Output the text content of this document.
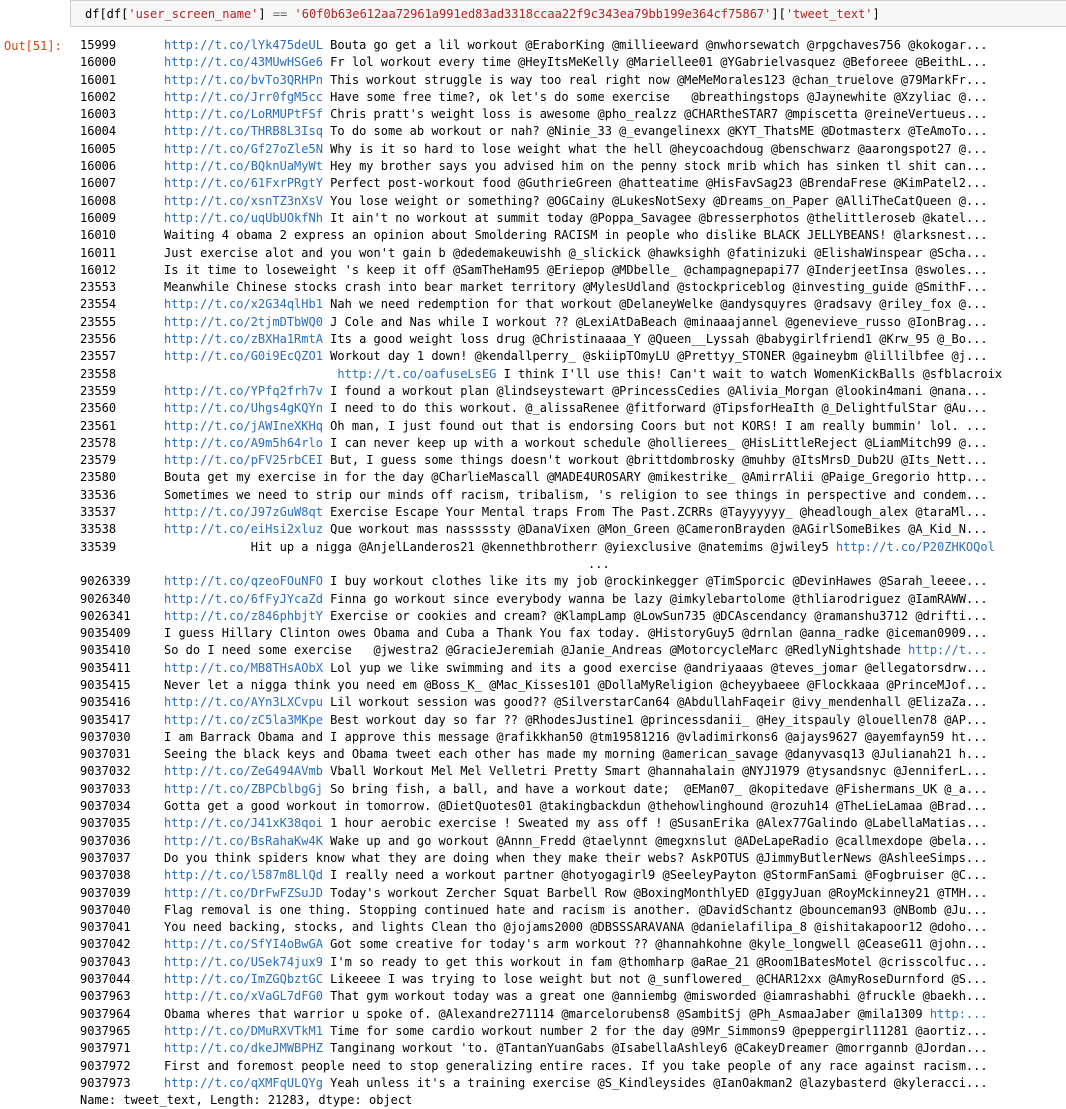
df[df['user_screen_name'] == '60f0b63e612aa72961a991ed83ad3318ccaa22f9c343ea79bb199e364cf75867']['tweet_text']
Out[51]: 15999	http://t.co/lYk475deUL Bouta go get a lil workout @EraborKing @millieeward @nwhorsewatch @rpgchaves756 @kokogar...
16000	http://t.co/43MUwHSGe6 Fr lol workout every time @HeyItsMeKelly @Mariellee01 @YGabrielvasquez @Beforeee @BeithL...
16001	http://t.co/bvTo3QRHPn This workout struggle is way too real right now @MeMeMorales123 @chan_truelove @79MarkFr...
16002	http://t.co/Jrr0fgM5cc Have some free time?, ok let's do some exercise   @breathingstops @Jaynewhite @Xzyliac @...
16003	http://t.co/LoRMUPtFSf Chris pratt's weight loss is awesome @pho_realzz @CHARtheSTAR7 @mpiscetta @reineVertueus...
16004	http://t.co/THRB8L3Isq To do some ab workout or nah? @Ninie_33 @_evangelinexx @KYT_ThatsME @Dotmasterx @TeAmoTo...
16005	http://t.co/Gf27oZle5N Why is it so hard to lose weight what the hell @heycoachdoug @benschwarz @aarongspot27 @...
16006	http://t.co/BQknUaMyWt Hey my brother says you advised him on the penny stock mrib which has sinken tl shit can...
16007	http://t.co/61FxrPRgtY Perfect post-workout food @GuthrieGreen @hatteatime @HisFavSag23 @BrendaFrese @KimPatel2...
16008	http://t.co/xsnTZ3nXsV You lose weight or something? @OGCainy @LukesNotSexy @Dreams_on_Paper @AlliTheCatQueen @...
16009	http://t.co/uqUbUOkfNh It ain't no workout at summit today @Poppa_Savagee @bresserphotos @thelittleroseb @katel...
16010	Waiting 4 obama 2 express an opinion about Smoldering RACISM in people who dislike BLACK JELLYBEANS! @larksnest...
16011	Just exercise alot and you won't gain b @dedemakeuwishh @_slickick @hawksighh @fatinizuki @ElishaWinspear @Scha...
16012	Is it time to loseweight 's keep it off @SamTheHam95 @Eriepop @MDbelle_ @champagnepapi77 @InderjeetInsa @swoles...
23553	Meanwhile Chinese stocks crash into bear market territory @MylesUdland @stockpriceblog @investing_guide @SmithF...
23554	http://t.co/x2G34qlHb1 Nah we need redemption for that workout @DelaneyWelke @andysquyres @radsavy @riley_fox @...
23555	http://t.co/2tjmDTbWQ0 J Cole and Nas while I workout ?? @LexiAtDaBeach @minaaajannel @geneviеve_russo @IonBrag...
23556	http://t.co/zBXHa1RmtA Its a good weight loss drug @Christinaaaa_Y @Queen__Lyssah @babygirlfriend1 @Krw_95 @_Bo...
23557	http://t.co/G0i9EcQZO1 Workout day 1 down! @kendallperry_ @skiipTOmyLU @Prettyy_STONER @gaineybm @lillilbfee @j...
23558	http://t.co/oafuseLsEG I think I'll use this! Can't wait to watch WomenKickBalls @sfblacroix
23559	http://t.co/YPfq2frh7v I found a workout plan @lindseystewart @PrincessCedies @Alivia_Morgan @lookin4mani @nana...
23560	http://t.co/Uhgs4gKQYn I need to do this workout. @_alissaRenee @fitforward @TipsforHeaIth @_DelightfulStar @Au...
23561	http://t.co/jAWIneXKHq Oh man, I just found out that is endorsing Coors but not KORS! I am really bummin' lol. ...
23578	http://t.co/A9m5h64rlo I can never keep up with a workout schedule @hollierees_ @HisLittleReject @LiamMitch99 @...
23579	http://t.co/pFV25rbCEI But, I guess some things doesn't workout @brittdombrosky @muhby @ItsMrsD_Dub2U @Its_Nett...
23580	Bouta get my exercise in for the day @CharlieMascall @MADE4UROSARY @mikestrike_ @AmirrAlii @Paige_Gregorio http...
33536	Sometimes we need to strip our minds off racism, tribalism, 's religion to see things in perspective and condem...
33537	http://t.co/J97zGuW8qt Exercise Escape Your Mental traps From The Past.ZCRRs @Tayyyyyy_ @headlough_alex @taraMl...
33538	http://t.co/eiHsi2xluz Que workout mas nasssssty @DanaVixen @Mon_Green @CameronBrayden @AGirlSomeBikes @A_Kid_N...
33539	Hit up a nigga @AnjelLanderos21 @kennethbrotherr @yiexclusive @natemims @jwiley5 http://t.co/P20ZHKOQol
...
9026339	http://t.co/qzeoFOuNFO I buy workout clothes like its my job @rockinkegger @TimSporcic @DevinHawes @Sarah_leeee...
9026340	http://t.co/6fFyJYcaZd Finna go workout since everybody wanna be lazy @imkylebartolome @thliarodriguez @IamRAWW...
9026341	http://t.co/z846phbjtY Exercise or cookies and cream? @KlampLamp @LowSun735 @DCAscendancy @ramanshu3712 @drifti...
9035409	I guess Hillary Clinton owes Obama and Cuba a Thank You fax today. @HistoryGuy5 @drnlan @anna_radke @iceman0909...
9035410	So do I need some exercise   @jwestra2 @GracieJeremiah @Janie_Andreas @MotorcycleMarc @RedlyNightshade http://t...
9035411	http://t.co/MB8THsAObX Lol yup we like swimming and its a good exercise @andriyaaas @teves_jomar @ellegatorsdrw...
9035415	Never let a nigga think you need em @Boss_K_ @Mac_Kisses101 @DollaMyReligion @cheyybaeee @Flockkaaa @PrinceMJof...
9035416	http://t.co/AYn3LXCvpu Lil workout session was good?? @SilverstarCan64 @AbdullahFaqeir @ivy_mendenhall @ElizaZa...
9035417	http://t.co/zC5la3MKpe Best workout day so far ?? @RhodesJustine1 @princessdanii_ @Hey_itspauly @louellen78 @AP...
9037030	I am Barrack Obama and I approve this message @rafikkhan50 @tm19581216 @vladimirkons6 @ajays9627 @ayemfayn59 ht...
9037031	Seeing the black keys and Obama tweet each other has made my morning @american_savage @danyvasq13 @Julianah21 h...
9037032	http://t.co/ZeG494AVmb Vball Workout Mel Mel Velletri Pretty Smart @hannahalain @NYJ1979 @tysandsnyc @JenniferL...
9037033	http://t.co/ZBPCblbgGj So bring fish, a ball, and have a workout date;  @EMan07_ @kopitedave @Fishermans_UK @_a...
9037034	Gotta get a good workout in tomorrow. @DietQuotes01 @takingbackdun @thehowlinghound @rozuh14 @TheLieLamaa @Brad...
9037035	http://t.co/J41xK38qoi 1 hour aerobic exercise ! Sweated my ass off ! @SusanErika @Alex77Galindo @LabellaMatias...
9037036	http://t.co/BsRahaKw4K Wake up and go workout @Annn_Fredd @taelynnt @megxnslut @ADeLapeRadio @callmexdope @bela...
9037037	Do you think spiders know what they are doing when they make their webs? AskPOTUS @JimmyButlerNews @AshleeSimps...
9037038	http://t.co/l587m8LlQd I really need a workout partner @hotyogagirl9 @SeeleyPayton @StormFanSami @Fogbruiser @C...
9037039	http://t.co/DrFwFZSuJD Today's workout Zercher Squat Barbell Row @BoxingMonthlyED @IggyJuan @RoyMckinney21 @TMH...
9037040	Flag removal is one thing. Stopping continued hate and racism is another. @DavidSchantz @bounceman93 @NBomb @Ju...
9037041	You need backing, stocks, and lights Clean tho @jojams2000 @DBSSSARAVANA @danielafilipa_8 @ishitakapoor12 @doho...
9037042	http://t.co/SfYI4oBwGA Got some creative for today's arm workout ?? @hannahkohne @kyle_longwell @CeaseG11 @john...
9037043	http://t.co/USek74jux9 I'm so ready to get this workout in fam @thomharp @aRae_21 @Room1BatesMotel @crisscolfuc...
9037044	http://t.co/ImZGQbztGC Likeeee I was trying to lose weight but not @_sunflowered_ @CHAR12xx @AmyRoseDurnford @S...
9037963	http://t.co/xVaGL7dFG0 That gym workout today was a great one @anniembg @misworded @iamrashabhi @fruckle @baekh...
9037964	Obama wheres that warrior u spoke of. @Alexandre271114 @marcelorubens8 @SambitSj @Ph_AsmaaJaber @mila1309 http:...
9037965	http://t.co/DMuRXVTkM1 Time for some cardio workout number 2 for the day @9Mr_Simmons9 @peppergirl11281 @aortiz...
9037971	http://t.co/dkeJMWBPHZ Tanginang workout 'to. @TantanYuanGabs @IsabellaAshley6 @CakeyDreamer @morrgannb @Jordan...
9037972	First and foremost people need to stop generalizing entire races. If you take people of any race against racism...
9037973	http://t.co/qXMFqULQYg Yeah unless it's a training exercise @S_Kindleysides @IanOakman2 @lazybasterd @kyleracci...
Name: tweet_text, Length: 21283, dtype: object
